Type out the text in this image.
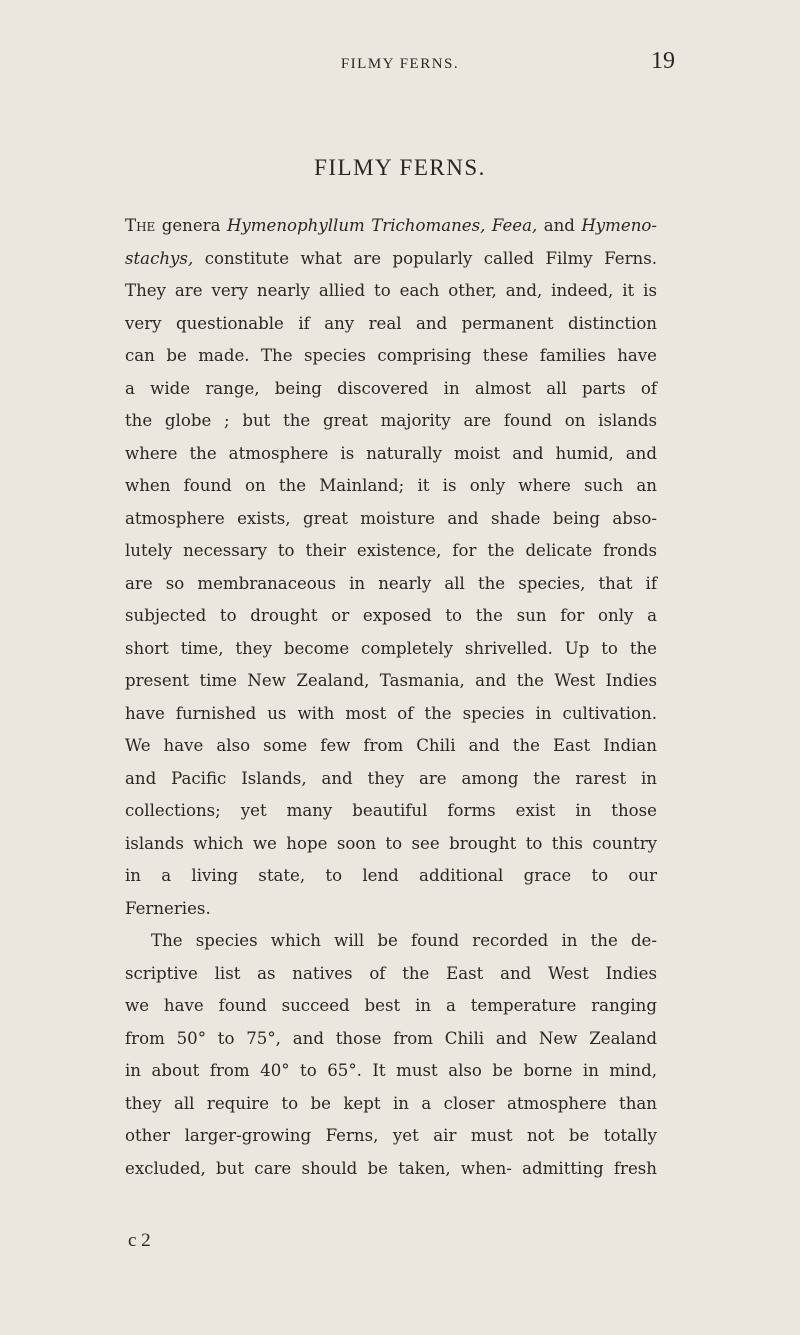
FILMY FERNS.	19
FILMY FERNS.
The genera Hymenophyllum Trichomanes, Feea, and Hymeno-
stachys, constitute what are popularly called Filmy Ferns.
They are very nearly allied to each other, and, indeed, it is
very questionable if any real and permanent distinction
can be made. The species comprising these families have
a wide range, being discovered in almost all parts of
the globe ; but the great majority are found on islands
where the atmosphere is naturally moist and humid, and
when found on the Mainland; it is only where such an
atmosphere exists, great moisture and shade being abso-
lutely necessary to their existence, for the delicate fronds
are so membranaceous in nearly all the species, that if
subjected to drought or exposed to the sun for only a
short time, they become completely shrivelled. Up to the
present time New Zealand, Tasmania, and the West Indies
have furnished us with most of the species in cultivation.
We have also some few from Chili and the East Indian
and Pacific Islands, and they are among the rarest in
collections; yet many beautiful forms exist in those
islands which we hope soon to see brought to this country
in a living state, to lend additional grace to our
Ferneries.
The species which will be found recorded in the de-
scriptive list as natives of the East and West Indies
we have found succeed best in a temperature ranging
from 50° to 75°, and those from Chili and New Zealand
in about from 40° to 65°. It must also be borne in mind,
they all require to be kept in a closer atmosphere than
other larger-growing Ferns, yet air must not be totally
excluded, but care should be taken, when- admitting fresh
c 2
